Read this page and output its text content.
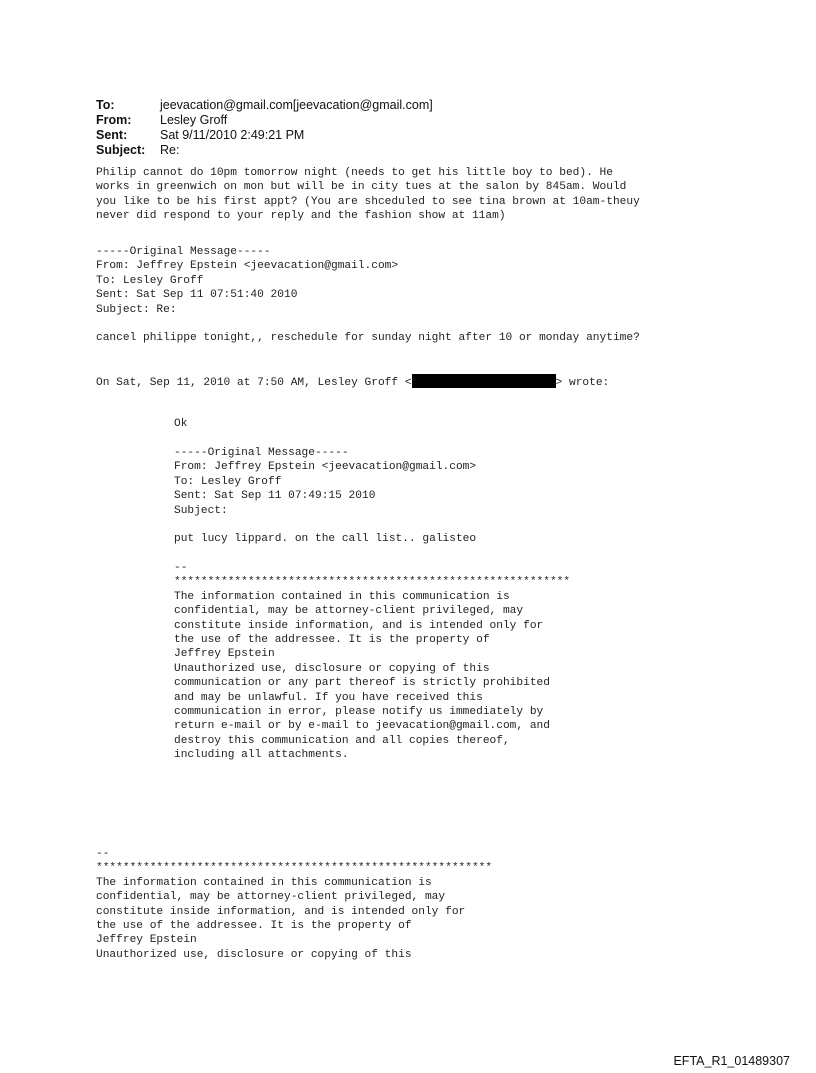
To:	jeevacation@gmail.com[jeevacation@gmail.com]
From:	Lesley Groff
Sent:	Sat 9/11/2010 2:49:21 PM
Subject:	Re:
Philip cannot do 10pm tomorrow night (needs to get his little boy to bed). He
works in greenwich on mon but will be in city tues at the salon by 845am. Would
you like to be his first appt? (You are shceduled to see tina brown at 10am-theuy
never did respond to your reply and the fashion show at 11am)
-----Original Message-----
From: Jeffrey Epstein <jeevacation@gmail.com>
To: Lesley Groff
Sent: Sat Sep 11 07:51:40 2010
Subject: Re:
cancel philippe tonight,, reschedule for sunday night after 10 or monday anytime?
On Sat, Sep 11, 2010 at 7:50 AM, Lesley Groff <	> wrote:
Ok
-----Original Message-----
From: Jeffrey Epstein <jeevacation@gmail.com>
To: Lesley Groff
Sent: Sat Sep 11 07:49:15 2010
Subject:
put lucy lippard. on the call list.. galisteo
--
***********************************************************
The information contained in this communication is
confidential, may be attorney-client privileged, may
constitute inside information, and is intended only for
the use of the addressee. It is the property of
Jeffrey Epstein
Unauthorized use, disclosure or copying of this
communication or any part thereof is strictly prohibited
and may be unlawful. If you have received this
communication in error, please notify us immediately by
return e-mail or by e-mail to jeevacation@gmail.com, and
destroy this communication and all copies thereof,
including all attachments.
--
***********************************************************
The information contained in this communication is
confidential, may be attorney-client privileged, may
constitute inside information, and is intended only for
the use of the addressee. It is the property of
Jeffrey Epstein
Unauthorized use, disclosure or copying of this
EFTA_R1_01489307
